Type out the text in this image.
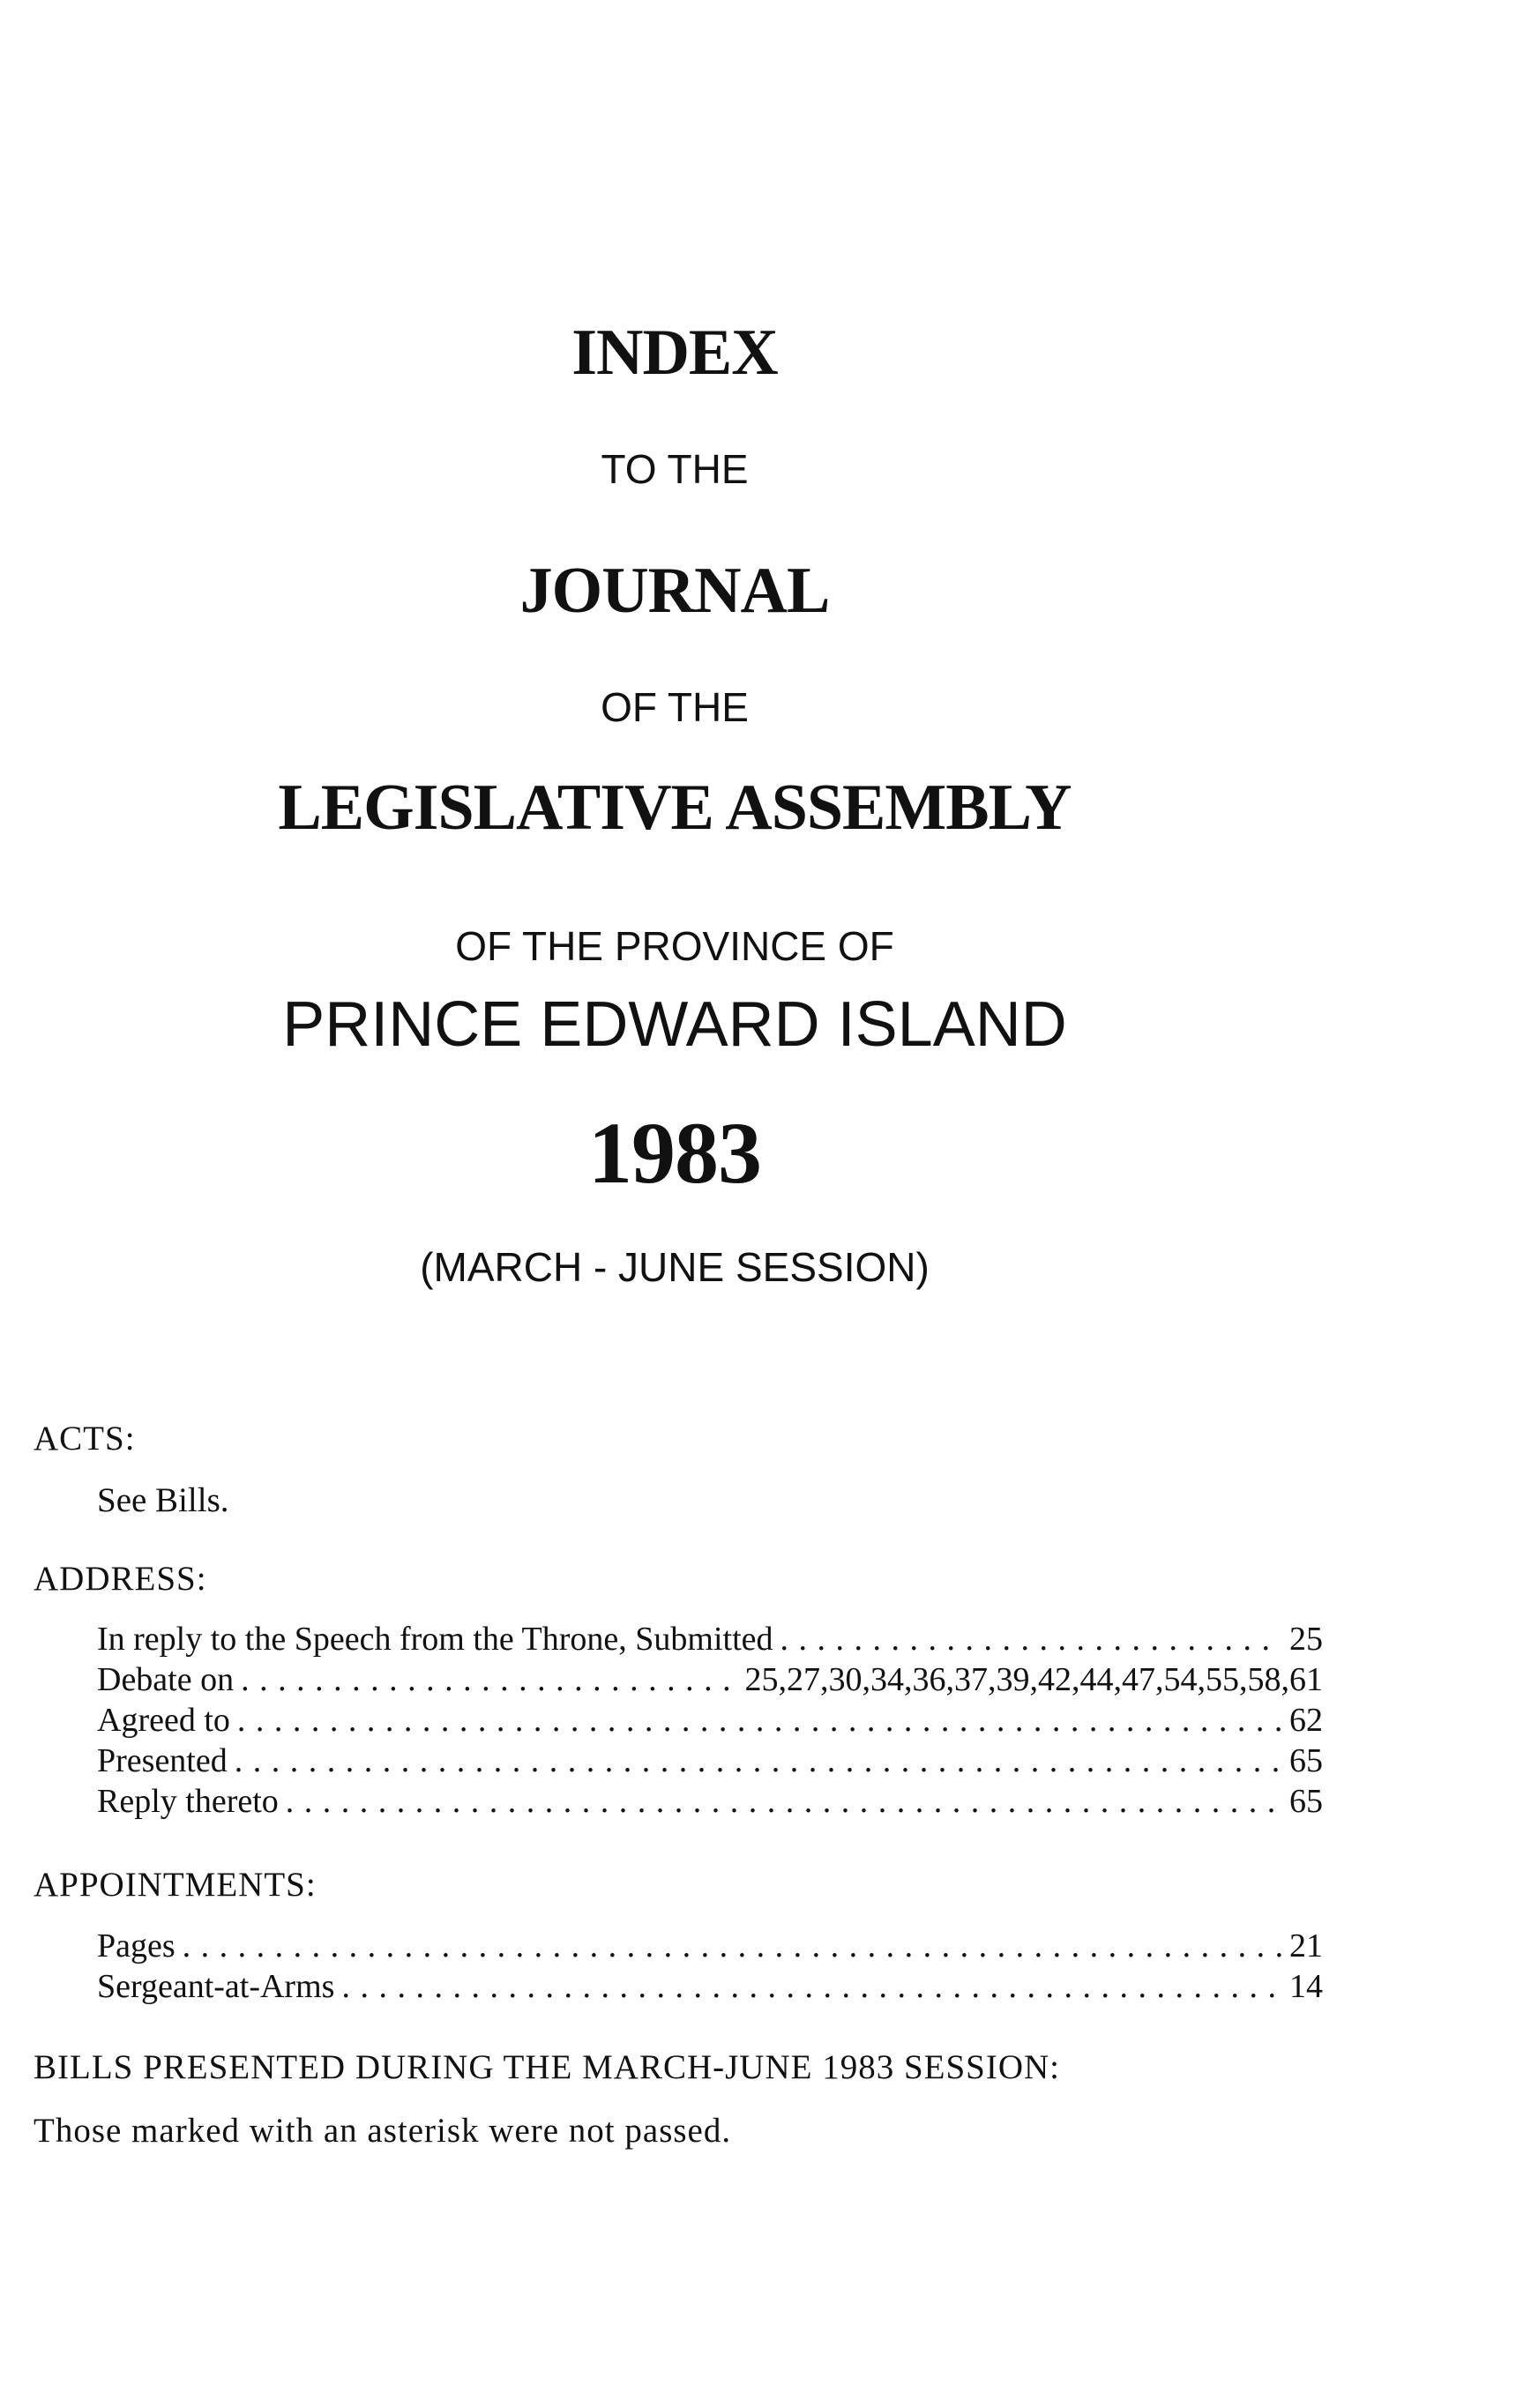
INDEX
TO THE
JOURNAL
OF THE
LEGISLATIVE ASSEMBLY
OF THE PROVINCE OF
PRINCE EDWARD ISLAND
1983
(MARCH - JUNE SESSION)
ACTS:
See Bills.
ADDRESS:
In reply to the Speech from the Throne, Submitted . . .	25
Debate on . . .	25,27,30,34,36,37,39,42,44,47,54,55,58,61
Agreed to . . .	62
Presented . . .	65
Reply thereto . . .	65
APPOINTMENTS:
Pages . . .	21
Sergeant-at-Arms . . .	14
BILLS PRESENTED DURING THE MARCH-JUNE 1983 SESSION:
Those marked with an asterisk were not passed.
